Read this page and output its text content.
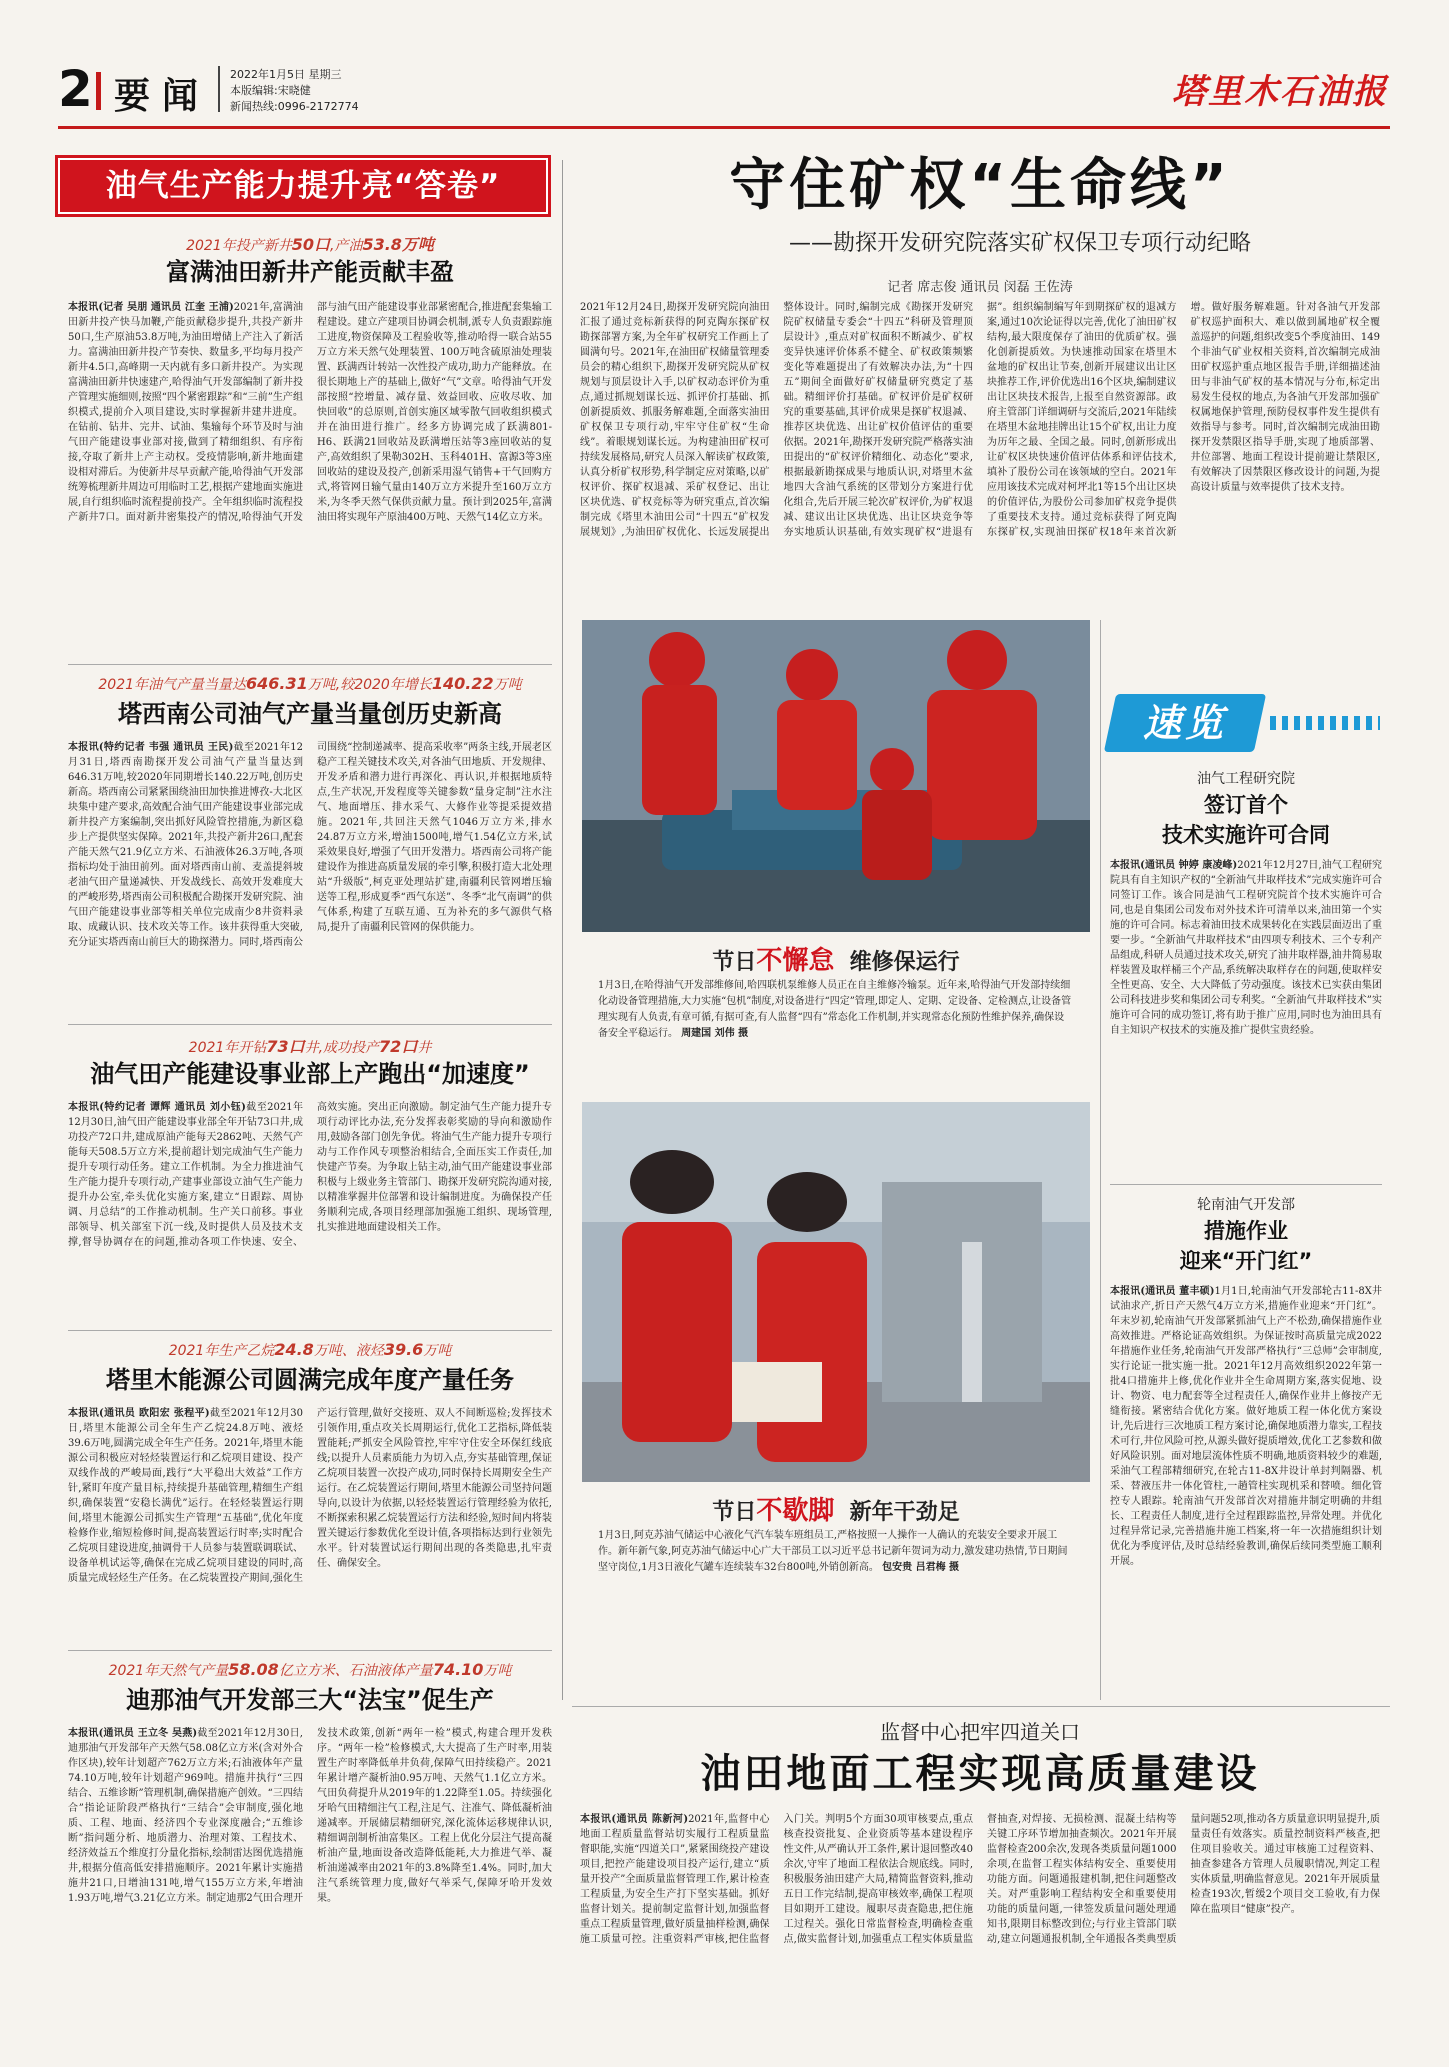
2 要闻
2022年1月5日 星期三
本版编辑:宋晓健
新闻热线:0996-2172774	塔里木石油报
油气生产能力提升亮“答卷”
2021年投产新井50口,产油53.8万吨
富满油田新井产能贡献丰盈
本报讯(记者 吴朋 通讯员 江奎 王浦)2021年,富满油田新井投产快马加鞭,产能贡献稳步提升,共投产新井50口,生产原油53.8万吨,为油田增储上产注入了新活力。富满油田新井投产节奏快、数量多,平均每月投产新井4.5口,高峰期一天内就有多口新井投产。为实现富满油田新井快速建产,哈得油气开发部编制了新井投产管理实施细则,按照“四个紧密跟踪”和“三前”生产组织模式,提前介入项目建设,实时掌握新井建井进度。在钻前、钻井、完井、试油、集输每个环节及时与油气田产能建设事业部对接,做到了精细组织、有序衔接,夺取了新井上产主动权。受疫情影响,新井地面建设相对滞后。为使新井尽早贡献产能,哈得油气开发部统筹梳理新井周边可用临时工艺,根据产建地面实施进展,自行组织临时流程提前投产。全年组织临时流程投产新井7口。面对新井密集投产的情况,哈得油气开发部与油气田产能建设事业部紧密配合,推进配套集输工程建设。建立产建项目协调会机制,派专人负责跟踪施工进度,物资保障及工程验收等,推动哈得一联合站55万立方米天然气处理装置、100万吨含硫原油处理装置、跃满西计转站一次性投产成功,助力产能释放。在很长期地上产的基础上,做好“气”文章。哈得油气开发部按照“控增量、减存量、效益回收、应收尽收、加快回收”的总原则,首创实施区域零散气回收组织模式并在油田进行推广。经多方协调完成了跃满801-H6、跃满21回收站及跃满增压站等3座回收站的复产,高效组织了果勒302H、玉科401H、富源3等3座回收站的建设及投产,创新采用湿气销售+干气回购方式,将管网日输气量由140万立方米提升至160万立方米,为冬季天然气保供贡献力量。预计到2025年,富满油田将实现年产原油400万吨、天然气14亿立方米。
2021年油气产量当量达646.31万吨,较2020年增长140.22万吨
塔西南公司油气产量当量创历史新高
本报讯(特约记者 韦强 通讯员 王民)截至2021年12月31日,塔西南勘探开发公司油气产量当量达到646.31万吨,较2020年同期增长140.22万吨,创历史新高。塔西南公司紧紧围绕油田加快推进博孜-大北区块集中建产要求,高效配合油气田产能建设事业部完成新井投产方案编制,突出抓好风险管控措施,为新区稳步上产提供坚实保障。2021年,共投产新井26口,配套产能天然气21.9亿立方米、石油液体26.3万吨,各项指标均处于油田前列。面对塔西南山前、麦盖提斜坡老油气田产量递减快、开发战线长、高效开发难度大的严峻形势,塔西南公司积极配合勘探开发研究院、油气田产能建设事业部等相关单位完成南少8井资料录取、成藏认识、技术攻关等工作。该井获得重大突破,充分证实塔西南山前巨大的勘探潜力。同时,塔西南公司围绕“控制递减率、提高采收率”两条主线,开展老区稳产工程关键技术攻关,对各油气田地质、开发规律、开发矛盾和潜力进行再深化、再认识,并根据地质特点,生产状况,开发程度等关键参数“量身定制”注水注气、地面增压、排水采气、大修作业等提采提效措施。2021年,共回注天然气1046万立方米,排水24.87万立方米,增油1500吨,增气1.54亿立方米,试采效果良好,增强了气田开发潜力。塔西南公司将产能建设作为推进高质量发展的牵引擎,积极打造大北处理站“升级版”,柯克亚处理站扩建,南疆利民管网增压输送等工程,形成夏季“西气东送”、冬季“北气南调”的供气体系,构建了互联互通、互为补充的多气源供气格局,提升了南疆利民管网的保供能力。
2021年开钻73口井,成功投产72口井
油气田产能建设事业部上产跑出“加速度”
本报讯(特约记者 谭辉 通讯员 刘小钰)截至2021年12月30日,油气田产能建设事业部全年开钻73口井,成功投产72口井,建成原油产能每天2862吨、天然气产能每天508.5万立方米,提前超计划完成油气生产能力提升专项行动任务。建立工作机制。为全力推进油气生产能力提升专项行动,产建事业部设立油气生产能力提升办公室,牵头优化实施方案,建立“日跟踪、周协调、月总结”的工作推动机制。生产关口前移。事业部领导、机关部室下沉一线,及时提供人员及技术支撑,督导协调存在的问题,推动各项工作快速、安全、高效实施。突出正向激励。制定油气生产能力提升专项行动评比办法,充分发挥表彰奖励的导向和激励作用,鼓励各部门创先争优。将油气生产能力提升专项行动与工作作风专项整治相结合,全面压实工作责任,加快建产节奏。为争取上钻主动,油气田产能建设事业部积极与上级业务主管部门、勘探开发研究院沟通对接,以精准掌握井位部署和设计编制进度。为确保投产任务顺利完成,各项目经理部加强施工组织、现场管理,扎实推进地面建设相关工作。
2021年生产乙烷24.8万吨、液烃39.6万吨
塔里木能源公司圆满完成年度产量任务
本报讯(通讯员 欧阳宏 张程平)截至2021年12月30日,塔里木能源公司全年生产乙烷24.8万吨、液烃39.6万吨,圆满完成全年生产任务。2021年,塔里木能源公司积极应对轻烃装置运行和乙烷项目建设、投产双线作战的严峻局面,践行“大平稳出大效益”工作方针,紧盯年度产量目标,持续提升基础管理,精细生产组织,确保装置“安稳长满优”运行。在轻烃装置运行期间,塔里木能源公司抓实生产管理“五基础”,优化年度检修作业,缩短检修时间,提高装置运行时率;实时配合乙烷项目建设进度,抽调骨干人员参与装置联调联试、设备单机试运等,确保在完成乙烷项目建设的同时,高质量完成轻烃生产任务。在乙烷装置投产期间,强化生产运行管理,做好交接班、双人不间断巡检;发挥技术引领作用,重点攻关长周期运行,优化工艺指标,降低装置能耗;严抓安全风险管控,牢牢守住安全环保红线底线;以提升人员素质能力为切入点,夯实基础管理,保证乙烷项目装置一次投产成功,同时保持长周期安全生产运行。在乙烷装置运行期间,塔里木能源公司坚持问题导向,以设计为依据,以轻烃装置运行管理经验为依托,不断探索积累乙烷装置运行方法和经验,短时间内将装置关键运行参数优化至设计值,各项指标达到行业领先水平。针对装置试运行期间出现的各类隐患,扎牢责任、确保安全。
2021年天然气产量58.08亿立方米、石油液体产量74.10万吨
迪那油气开发部三大“法宝”促生产
本报讯(通讯员 王立冬 吴燕)截至2021年12月30日,迪那油气开发部年产天然气58.08亿立方米(含对外合作区块),较年计划超产762万立方米;石油液体年产量74.10万吨,较年计划超产969吨。措施井执行“三四结合、五维诊断”管理机制,确保措施产创效。“三四结合”指论证阶段严格执行“三结合”会审制度,强化地质、工程、地面、经济四个专业深度融合;“五维诊断”指问题分析、地质潜力、治理对策、工程技术、经济效益五个维度打分量化指标,绘制雷达图优选措施井,根据分值高低安排措施顺序。2021年累计实施措施井21口,日增油131吨,增气155万立方米,年增油1.93万吨,增气3.21亿立方米。制定迪那2气田合理开发技术政策,创新“两年一检”模式,构建合理开发秩序。“两年一检”检修模式,大大提高了生产时率,用装置生产时率降低单井负荷,保障气田持续稳产。2021年累计增产凝析油0.95万吨、天然气1.1亿立方米。气田负荷提升从2019年的1.22降至1.05。持续强化牙哈气田精细注气工程,注足气、注准气、降低凝析油递减率。开展储层精细研究,深化流体运移规律认识,精细调剖制析油富集区。工程上优化分层注气提高凝析油产量,地面设备改造降低能耗,大力推进气举、凝析油递减率由2021年的3.8%降至1.4%。同时,加大注气系统管理力度,做好气举采气,保障牙哈开发效果。
守住矿权“生命线”
——勘探开发研究院落实矿权保卫专项行动纪略
记者 席志俊 通讯员 闵磊 王佐涛
2021年12月24日,勘探开发研究院向油田汇报了通过竞标新获得的阿克陶东探矿权勘探部署方案,为全年矿权研究工作画上了圆满句号。2021年,在油田矿权储量管理委员会的精心组织下,勘探开发研究院从矿权规划与顶层设计入手,以矿权动态评价为重点,通过抓规划谋长远、抓评价打基础、抓创新提质效、抓服务解难题,全面落实油田矿权保卫专项行动,牢牢守住矿权“生命线”。着眼规划谋长远。为构建油田矿权可持续发展格局,研究人员深入解读矿权政策,认真分析矿权形势,科学制定应对策略,以矿权评价、探矿权退减、采矿权登记、出让区块优选、矿权竞标等为研究重点,首次编制完成《塔里木油田公司“十四五”矿权发展规划》,为油田矿权优化、长远发展提出整体设计。同时,编制完成《勘探开发研究院矿权储量专委会“十四五”科研及管理顶层设计》,重点对矿权面积不断减少、矿权变异快速评价体系不健全、矿权政策频繁变化等难题提出了有效解决办法,为“十四五”期间全面做好矿权储量研究奠定了基础。精细评价打基础。矿权评价是矿权研究的重要基础,其评价成果是探矿权退减、推荐区块优选、出让矿权价值评估的重要依据。2021年,勘探开发研究院严格落实油田提出的“矿权评价精细化、动态化”要求,根据最新勘探成果与地质认识,对塔里木盆地四大含油气系统的区带划分方案进行优化组合,先后开展三轮次矿权评价,为矿权退减、建议出让区块优选、出让区块竞争等夯实地质认识基础,有效实现矿权“进退有据”。组织编制编写年到期探矿权的退减方案,通过10次论证得以完善,优化了油田矿权结构,最大限度保存了油田的优质矿权。强化创新提质效。为快速推动国家在塔里木盆地的矿权出让节奏,创新开展建议出让区块推荐工作,评价优选出16个区块,编制建议出让区块技术报告,上报至自然资源部。政府主管部门详细调研与交流后,2021年陆续在塔里木盆地挂牌出让15个矿权,出让力度为历年之最、全国之最。同时,创新形成出让矿权区块快速价值评估体系和评估技术,填补了股份公司在该领域的空白。2021年应用该技术完成对柯坪北1等15个出让区块的价值评估,为股份公司参加矿权竞争提供了重要技术支持。通过竞标获得了阿克陶东探矿权,实现油田探矿权18年来首次新增。做好服务解难题。针对各油气开发部矿权巡护面积大、难以做到属地矿权全覆盖巡护的问题,组织改变5个季度油田、149个非油气矿业权相关资料,首次编制完成油田矿权巡护重点地区报告手册,详细描述油田与非油气矿权的基本情况与分布,标定出易发生侵权的地点,为各油气开发部加强矿权属地保护管理,预防侵权事件发生提供有效指导与参考。同时,首次编制完成油田勘探开发禁限区指导手册,实现了地质部署、井位部署、地面工程设计提前避让禁限区,有效解决了因禁限区修改设计的问题,为提高设计质量与效率提供了技术支持。
节日不懈怠 维修保运行
1月3日,在哈得油气开发部维修间,哈四联机泵维修人员正在自主维修冷输泵。近年来,哈得油气开发部持续细化动设备管理措施,大力实施“包机”制度,对设备进行“四定”管理,即定人、定期、定设备、定检测点,让设备管理实现有人负责,有章可循,有据可查,有人监督“四有”常态化工作机制,并实现常态化预防性维护保养,确保设备安全平稳运行。 周建国 刘伟 摄
节日不歇脚 新年干劲足
1月3日,阿克苏油气储运中心液化气汽车装车班组员工,严格按照一人操作一人确认的充装安全要求开展工作。新年新气象,阿克苏油气储运中心广大干部员工以习近平总书记新年贺词为动力,激发建功热情,节日期间坚守岗位,1月3日液化气罐车连续装车32台800吨,外销创新高。 包安贵 吕君梅 摄
速览
油气工程研究院
签订首个
技术实施许可合同
本报讯(通讯员 钟婷 康凌峰)2021年12月27日,油气工程研究院具有自主知识产权的“全新油气井取样技术”完成实施许可合同签订工作。该合同是油气工程研究院首个技术实施许可合同,也是自集团公司发布对外技术许可清单以来,油田第一个实施的许可合同。标志着油田技术成果转化在实践层面迈出了重要一步。“全新油气井取样技术”由四项专利技术、三个专利产品组成,科研人员通过技术攻关,研究了油井取样器,油井简易取样装置及取样桶三个产品,系统解决取样存在的问题,使取样安全性更高、安全、大大降低了劳动强度。该技术已实获由集团公司科技进步奖和集团公司专利奖。“全新油气井取样技术”实施许可合同的成功签订,将有助于推广应用,同时也为油田具有自主知识产权技术的实施及推广提供宝贵经验。
轮南油气开发部
措施作业
迎来“开门红”
本报讯(通讯员 董丰硕)1月1日,轮南油气开发部轮古11-8X井试油求产,折日产天然气4万立方米,措施作业迎来“开门红”。年末岁初,轮南油气开发部紧抓油气上产不松劲,确保措施作业高效推进。严格论证高效组织。为保证按时高质量完成2022年措施作业任务,轮南油气开发部严格执行“三总师”会审制度,实行论证一批实施一批。2021年12月高效组织2022年第一批4口措施井上修,优化作业井全生命周期方案,落实促地、设计、物资、电力配套等全过程责任人,确保作业井上修按产无缝衔接。紧密结合优化方案。做好地质工程一体化优方案设计,先后进行三次地质工程方案讨论,确保地质潜力靠实,工程技术可行,井位风险可控,从源头做好提质增效,优化工艺参数和做好风险识别。面对地层流体性质不明确,地质资料较少的难题,采油气工程部精细研究,在轮古11-8X井设计单封判隔器、机采、替液压井一体化管柱,一趟管柱实现机采和替喷。细化管控专人跟踪。轮南油气开发部首次对措施井制定明确的井组长、工程责任人制度,进行全过程跟踪监控,异常处理。并优化过程异常记录,完善措施井施工档案,将一年一次措施组织计划优化为季度评估,及时总结经验教训,确保后续同类型施工顺利开展。
监督中心把牢四道关口
油田地面工程实现高质量建设
本报讯(通讯员 陈新河)2021年,监督中心地面工程质量监督站切实履行工程质量监督职能,实施“四道关口”,紧紧围绕投产建设项目,把控产能建设项目投产运行,建立“质量开投产”全面质量监督管理工作,累计检查工程质量,为安全生产打下坚实基础。抓好监督计划关。提前制定监督计划,加强监督重点工程质量管理,做好质量抽样检测,确保施工质量可控。注重资料严审核,把住监督入门关。判明5个方面30项审核要点,重点核查投资批复、企业资质等基本建设程序性文件,从严确认开工条件,累计退回整改40余次,守牢了地面工程依法合规底线。同时,积极服务油田建产大局,精简监督资料,推动五日工作完结制,提高审核效率,确保工程项目如期开工建设。履职尽责查隐患,把住施工过程关。强化日常监督检查,明确检查重点,做实监督计划,加强重点工程实体质量监督抽查,对焊接、无损检测、混凝土结构等关键工序环节增加抽查频次。2021年开展监督检查200余次,发现各类质量问题1000余项,在监督工程实体结构安全、重要使用功能方面。问题通报建机制,把住问题整改关。对严重影响工程结构安全和重要使用功能的质量问题,一律签发质量问题处理通知书,限期目标整改到位;与行业主管部门联动,建立问题通报机制,全年通报各类典型质量问题52项,推动各方质量意识明显提升,质量责任有效落实。质量控制资料严核查,把住项目验收关。通过审核施工过程资料、抽查参建各方管理人员履职情况,判定工程实体质量,明确监督意见。2021年开展质量检查193次,暂缓2个项目交工验收,有力保障在监项目“健康”投产。
